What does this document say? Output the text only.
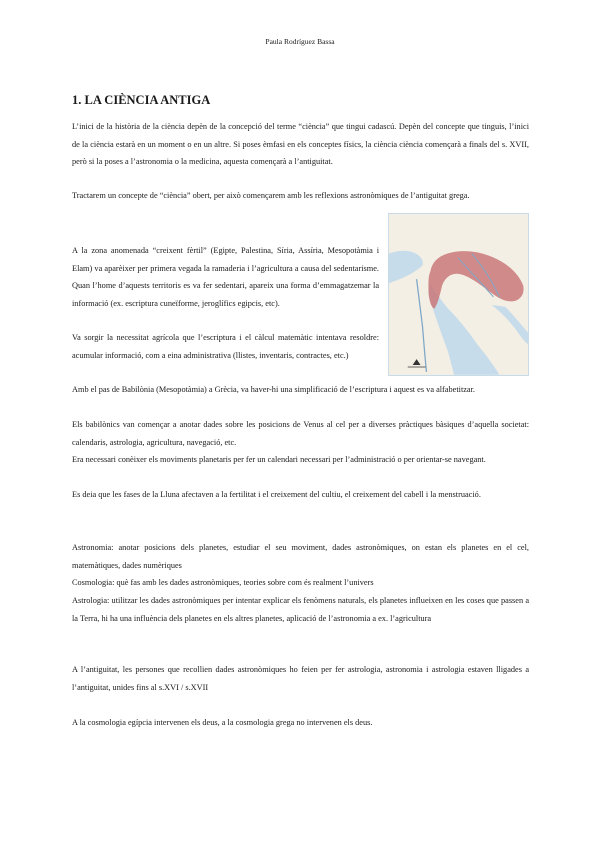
Paula Rodríguez Bassa
1. LA CIÈNCIA ANTIGA

L’inici de la història de la ciència depèn de la concepció del terme “ciència” que tingui cadascú. Depèn del concepte que tinguis, l’inici de la ciència estarà en un moment o en un altre. Si poses èmfasi en els conceptes físics, la ciència ciència començarà a finals del s. XVII, però si la poses a l’astronomia o la medicina, aquesta començarà a l’antiguitat.

Tractarem un concepte de “ciència” obert, per això començarem amb les reflexions astronòmiques de l’antiguitat grega.

A la zona anomenada “creixent fèrtil” (Egipte, Palestina, Síria, Assíria, Mesopotàmia i Elam) va aparèixer per primera vegada la ramaderia i l’agricultura a causa del sedentarisme. Quan l’home d’aquests territoris es va fer sedentari, apareix una forma d’emmagatzemar la informació (ex. escriptura cuneïforme, jeroglífics egipcis, etc).

Va sorgir la necessitat agrícola que l’escriptura i el càlcul matemàtic intentava resoldre: acumular informació, com a eina administrativa (llistes, inventaris, contractes, etc.)

Amb el pas de Babilònia (Mesopotàmia) a Grècia, va haver-hi una simplificació de l’escriptura i aquest es va alfabetitzar.

Els babilònics van començar a anotar dades sobre les posicions de Venus al cel per a diverses pràctiques bàsiques d’aquella societat: calendaris, astrologia, agricultura, navegació, etc.

Era necessari conèixer els moviments planetaris per fer un calendari necessari per l’administració o per orientar-se navegant.

Es deia que les fases de la Lluna afectaven a la fertilitat i el creixement del cultiu, el creixement del cabell i la menstruació.

Astronomia: anotar posicions dels planetes, estudiar el seu moviment, dades astronòmiques, on estan els planetes en el cel, matemàtiques, dades numèriques

Cosmologia: què fas amb les dades astronòmiques, teories sobre com és realment l’univers

Astrologia: utilitzar les dades astronòmiques per intentar explicar els fenòmens naturals, els planetes influeixen en les coses que passen a la Terra, hi ha una influència dels planetes en els altres planetes, aplicació de l’astronomia a ex. l’agricultura

A l’antiguitat, les persones que recollien dades astronòmiques ho feien per fer astrologia, astronomia i astrologia estaven lligades a l’antiguitat, unides fins al s.XVI / s.XVII

A la cosmologia egípcia intervenen els deus, a la cosmologia grega no intervenen els deus.
